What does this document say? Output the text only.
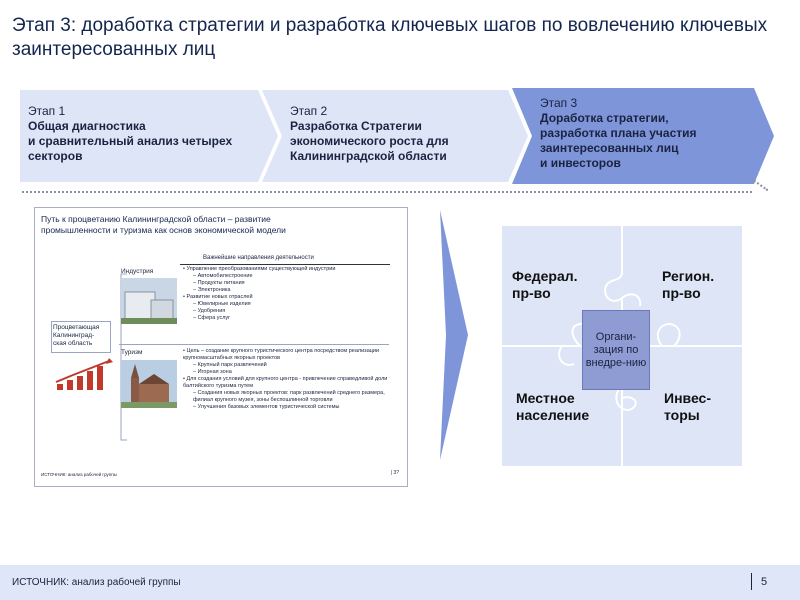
Этап 3: доработка стратегии и разработка ключевых шагов по вовлечению ключевых заинтересованных лиц
Этап 1
Общая диагностика
и сравнительный анализ четырех
секторов
Этап 2
Разработка Стратегии
экономического роста для
Калининградской области
Этап 3
Доработка стратегии,
разработка плана участия
заинтересованных лиц
и инвесторов
Путь к процветанию Калининградской области – развитие промышленности и туризма как основ экономической модели
Процветающая Калининград- ская область
Важнейшие направления деятельности
Индустрия	• Управление преобразованиями существующей индустрии
– Автомобилестроение
– Продукты питания
– Электроника
• Развитие новых отраслей
– Ювелирные изделия
– Удобрения
– Сфера услуг
Туризм	• Цель – создание крупного туристического центра посредством реализации крупномасштабных якорных проектов
– Крупный парк развлечений
– Игорная зона
• Для создания условий для крупного центра - привлечение справедливой доли балтийского туризма путем
– Создания новых якорных проектов: парк развлечений среднего размера, филиал крупного музея, зоны беспошлинной торговли
– Улучшения базовых элементов туристической системы
ИСТОЧНИК: анализ рабочей группы	| 3?
Федерал.
пр-во
Регион.
пр-во
Местное
население
Инвес-
торы
Органи-зация по внедре-нию
ИСТОЧНИК: анализ рабочей группы	5
